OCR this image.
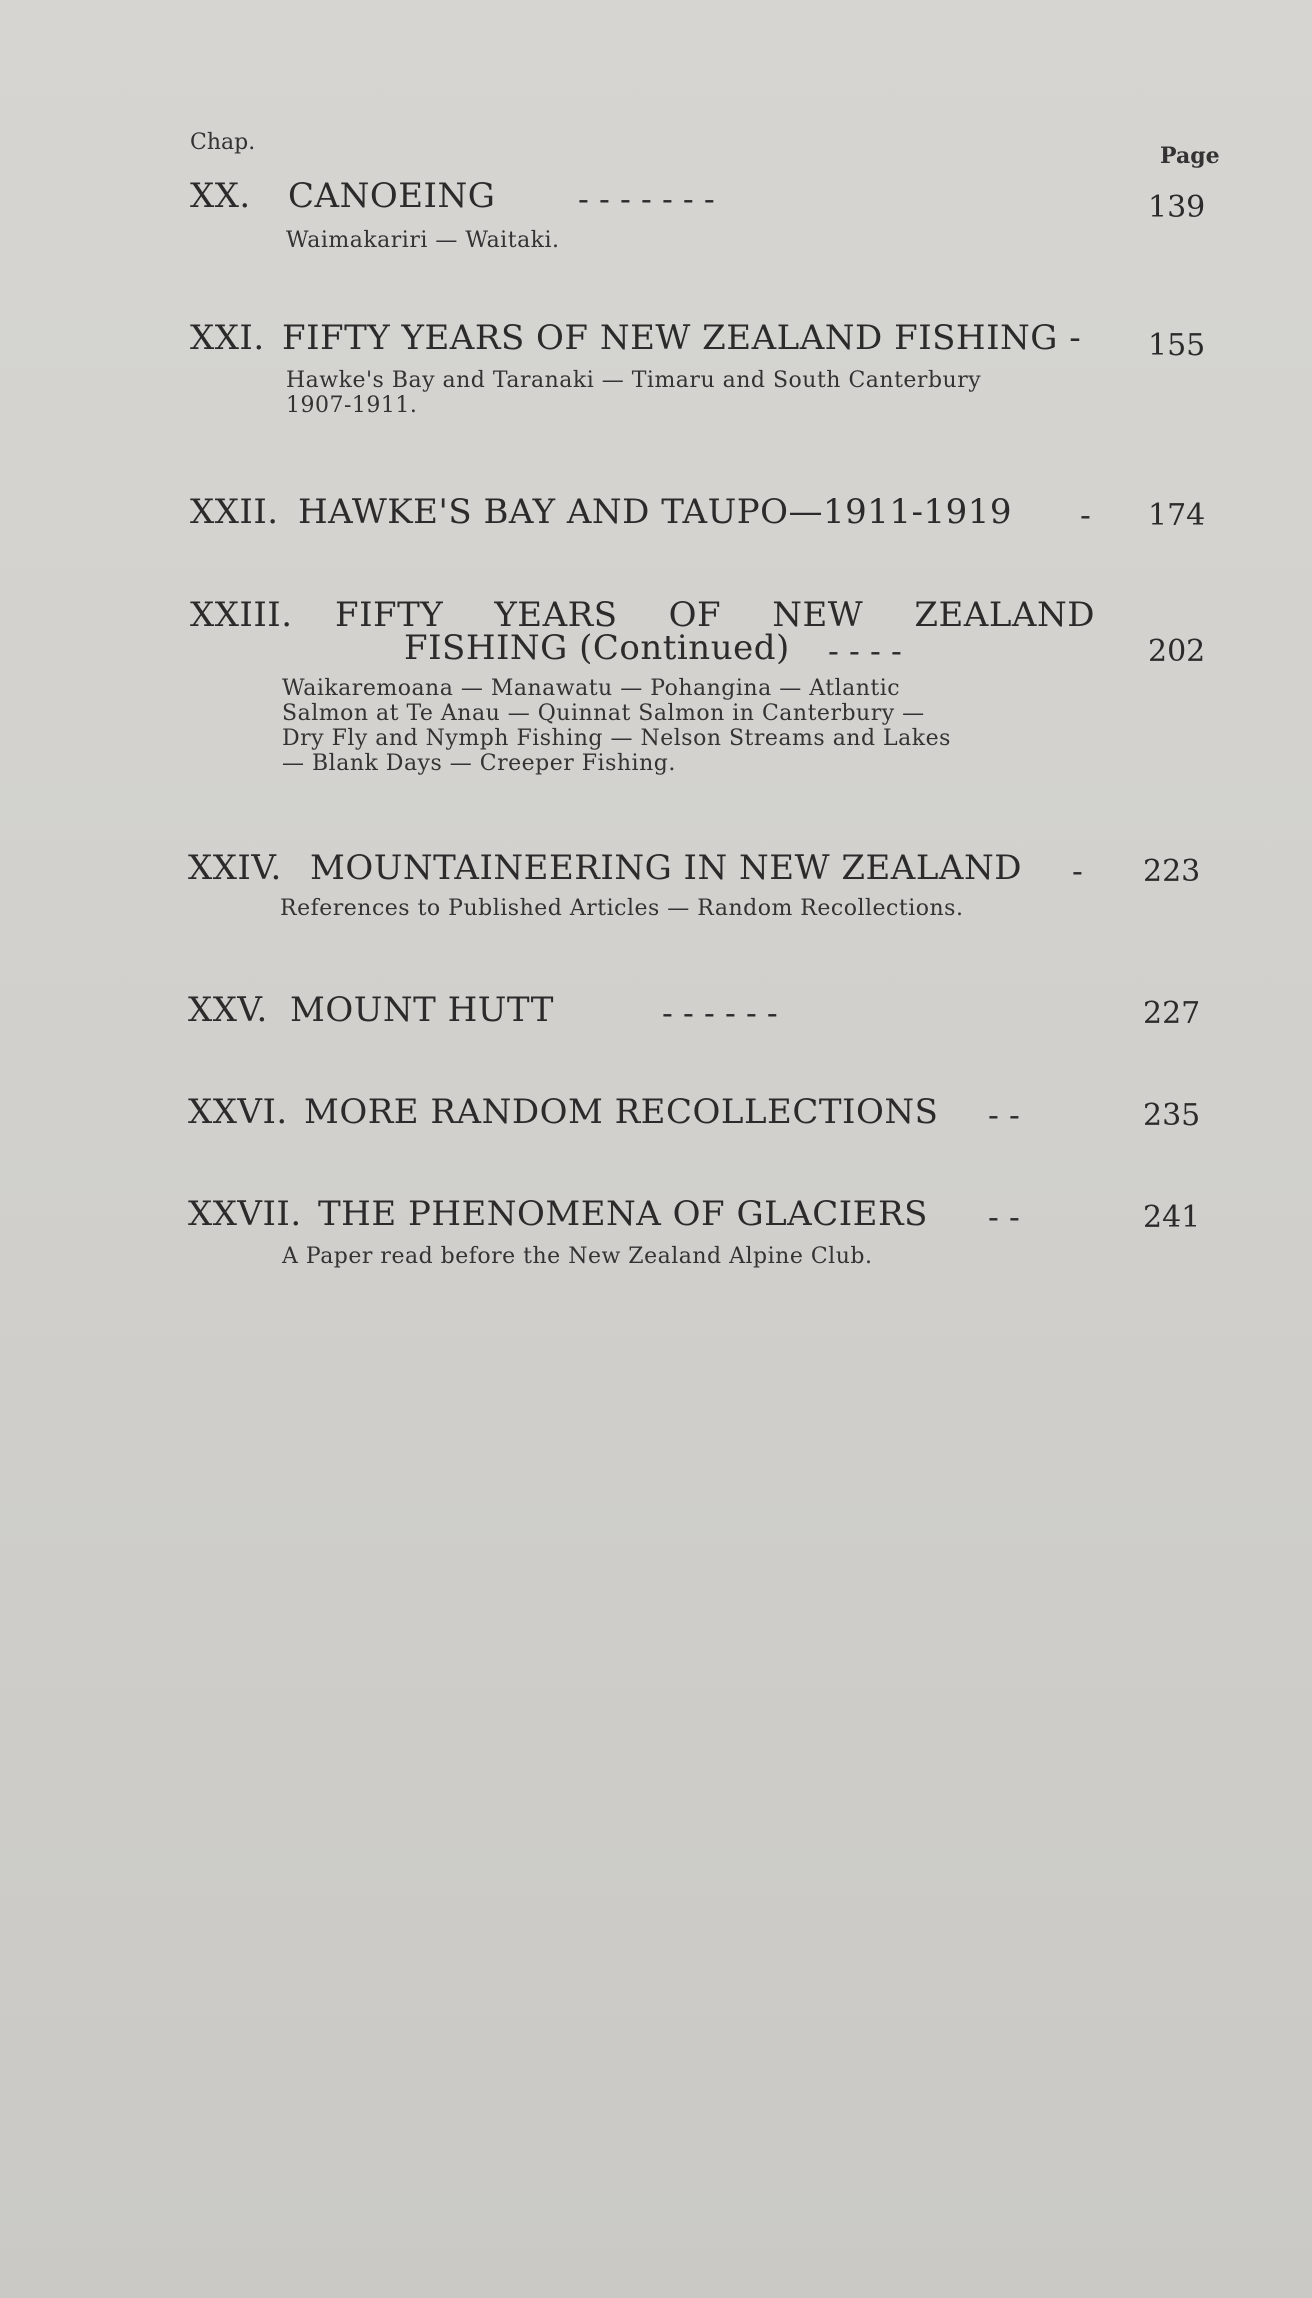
Chap.
Page
XX. CANOEING	- - - - - - -	139
Waimakariri — Waitaki.
XXI. FIFTY YEARS OF NEW ZEALAND FISHING - 155
Hawke's Bay and Taranaki — Timaru and South Canterbury
1907-1911.
XXII. HAWKE'S BAY AND TAUPO—1911-1919 - 174
XXIII. FIFTY YEARS OF NEW ZEALAND
FISHING (Continued) - - - -	202
Waikaremoana — Manawatu — Pohangina — Atlantic
Salmon at Te Anau — Quinnat Salmon in Canterbury —
Dry Fly and Nymph Fishing — Nelson Streams and Lakes
— Blank Days — Creeper Fishing.
XXIV. MOUNTAINEERING IN NEW ZEALAND - 223
References to Published Articles — Random Recollections.
XXV. MOUNT HUTT	- - - - - -	227
XXVI. MORE RANDOM RECOLLECTIONS - -	235
XXVII. THE PHENOMENA OF GLACIERS - -	241
A Paper read before the New Zealand Alpine Club.
